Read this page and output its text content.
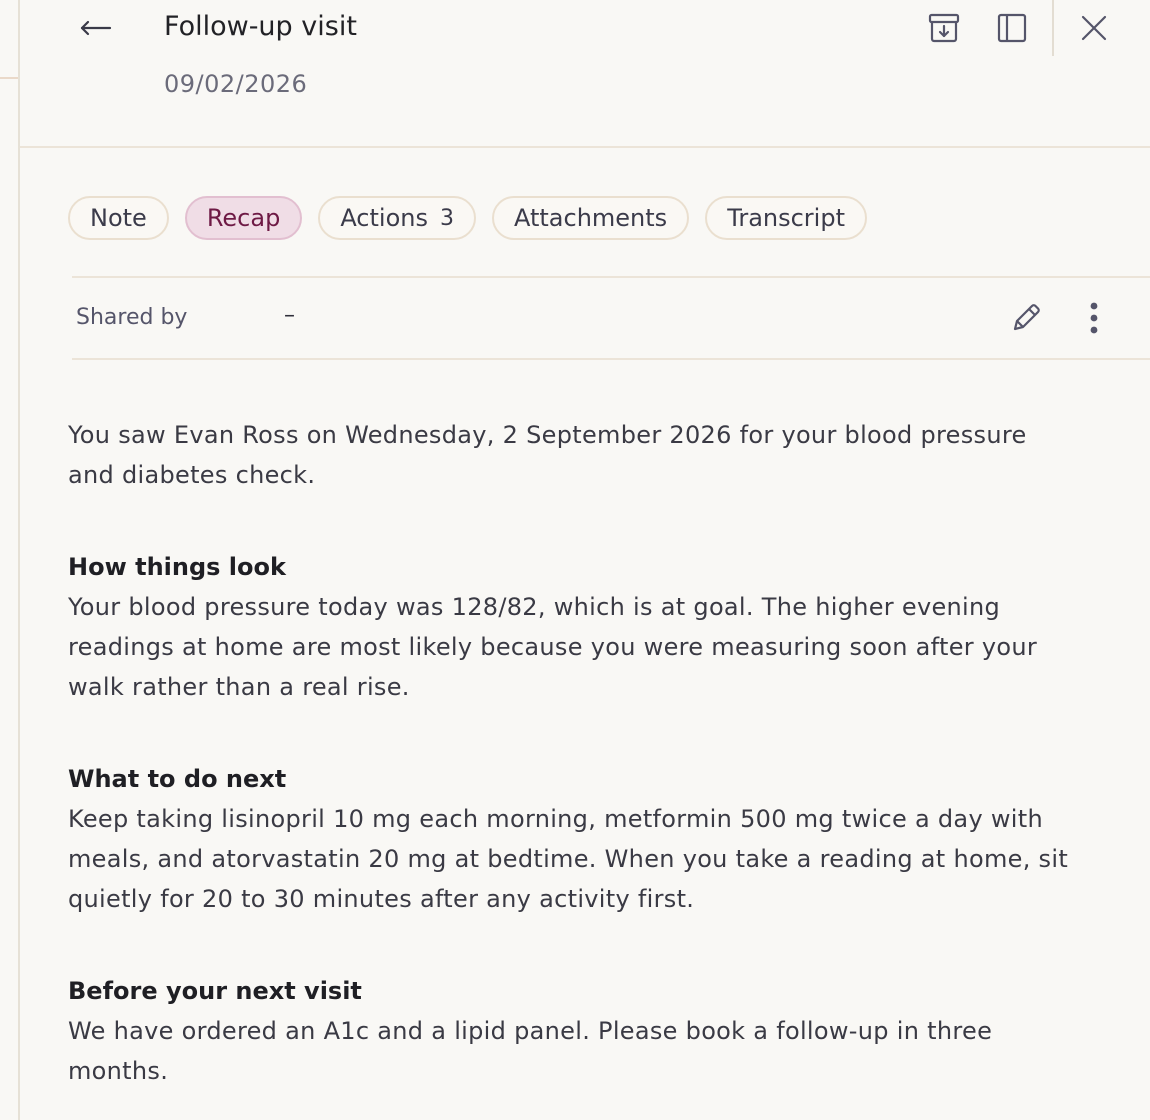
Follow-up visit
09/02/2026
Note	Recap	Actions 3	Attachments	Transcript
Shared by	–

You saw Evan Ross on Wednesday, 2 September 2026 for your blood pressure and diabetes check.

How things look

Your blood pressure today was 128/82, which is at goal. The higher evening readings at home are most likely because you were measuring soon after your walk rather than a real rise.

What to do next

Keep taking lisinopril 10 mg each morning, metformin 500 mg twice a day with meals, and atorvastatin 20 mg at bedtime. When you take a reading at home, sit quietly for 20 to 30 minutes after any activity first.

Before your next visit

We have ordered an A1c and a lipid panel. Please book a follow-up in three months.
